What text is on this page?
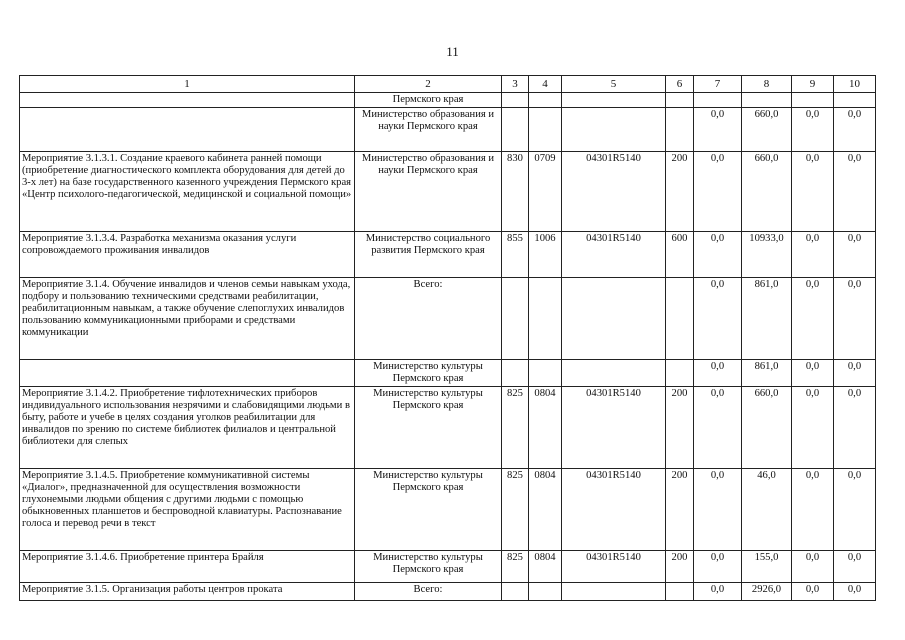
11
1	2	3	4	5	6	7	8	9	10
	Пермского края								
	Министерство образования и науки Пермского края					0,0	660,0	0,0	0,0
Мероприятие 3.1.3.1. Создание краевого кабинета ранней помощи (приобретение диагностического комплекта оборудования для детей до 3-х лет) на базе государственного казенного учреждения Пермского края «Центр психолого-педагогической, медицинской и социальной помощи»	Министерство образования и науки Пермского края	830	0709	04301R5140	200	0,0	660,0	0,0	0,0
Мероприятие 3.1.3.4. Разработка механизма оказания услуги сопровождаемого проживания инвалидов	Министерство социального развития Пермского края	855	1006	04301R5140	600	0,0	10933,0	0,0	0,0
Мероприятие 3.1.4. Обучение инвалидов и членов семьи навыкам ухода, подбору и пользованию техническими средствами реабилитации, реабилитационным навыкам, а также обучение слепоглухих инвалидов пользованию коммуникационными приборами и средствами коммуникации	Всего:					0,0	861,0	0,0	0,0
	Министерство культуры Пермского края					0,0	861,0	0,0	0,0
Мероприятие 3.1.4.2. Приобретение тифлотехнических приборов индивидуального использования незрячими и слабовидящими людьми в быту, работе и учебе в целях создания уголков реабилитации для инвалидов по зрению по системе библиотек филиалов и центральной библиотеки для слепых	Министерство культуры Пермского края	825	0804	04301R5140	200	0,0	660,0	0,0	0,0
Мероприятие 3.1.4.5. Приобретение коммуникативной системы «Диалог», предназначенной для осуществления возможности глухонемыми людьми общения с другими людьми с помощью обыкновенных планшетов и беспроводной клавиатуры. Распознавание голоса и перевод речи в текст	Министерство культуры Пермского края	825	0804	04301R5140	200	0,0	46,0	0,0	0,0
Мероприятие 3.1.4.6. Приобретение принтера Брайля	Министерство культуры Пермского края	825	0804	04301R5140	200	0,0	155,0	0,0	0,0
Мероприятие 3.1.5. Организация работы центров проката	Всего:					0,0	2926,0	0,0	0,0
